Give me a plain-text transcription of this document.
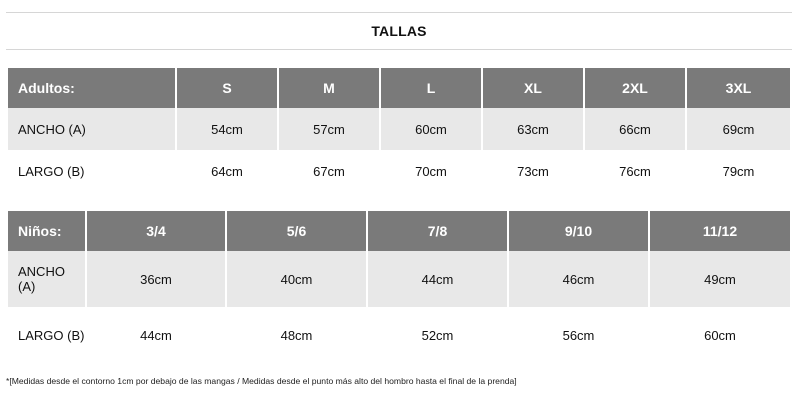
TALLAS
Adultos:	S	M	L	XL	2XL	3XL
ANCHO (A)	54cm	57cm	60cm	63cm	66cm	69cm
LARGO (B)	64cm	67cm	70cm	73cm	76cm	79cm
Niños:	3/4	5/6	7/8	9/10	11/12
ANCHO (A)	36cm	40cm	44cm	46cm	49cm
LARGO (B)	44cm	48cm	52cm	56cm	60cm
*[Medidas desde el contorno 1cm por debajo de las mangas / Medidas desde el punto más alto del hombro hasta el final de la prenda]
